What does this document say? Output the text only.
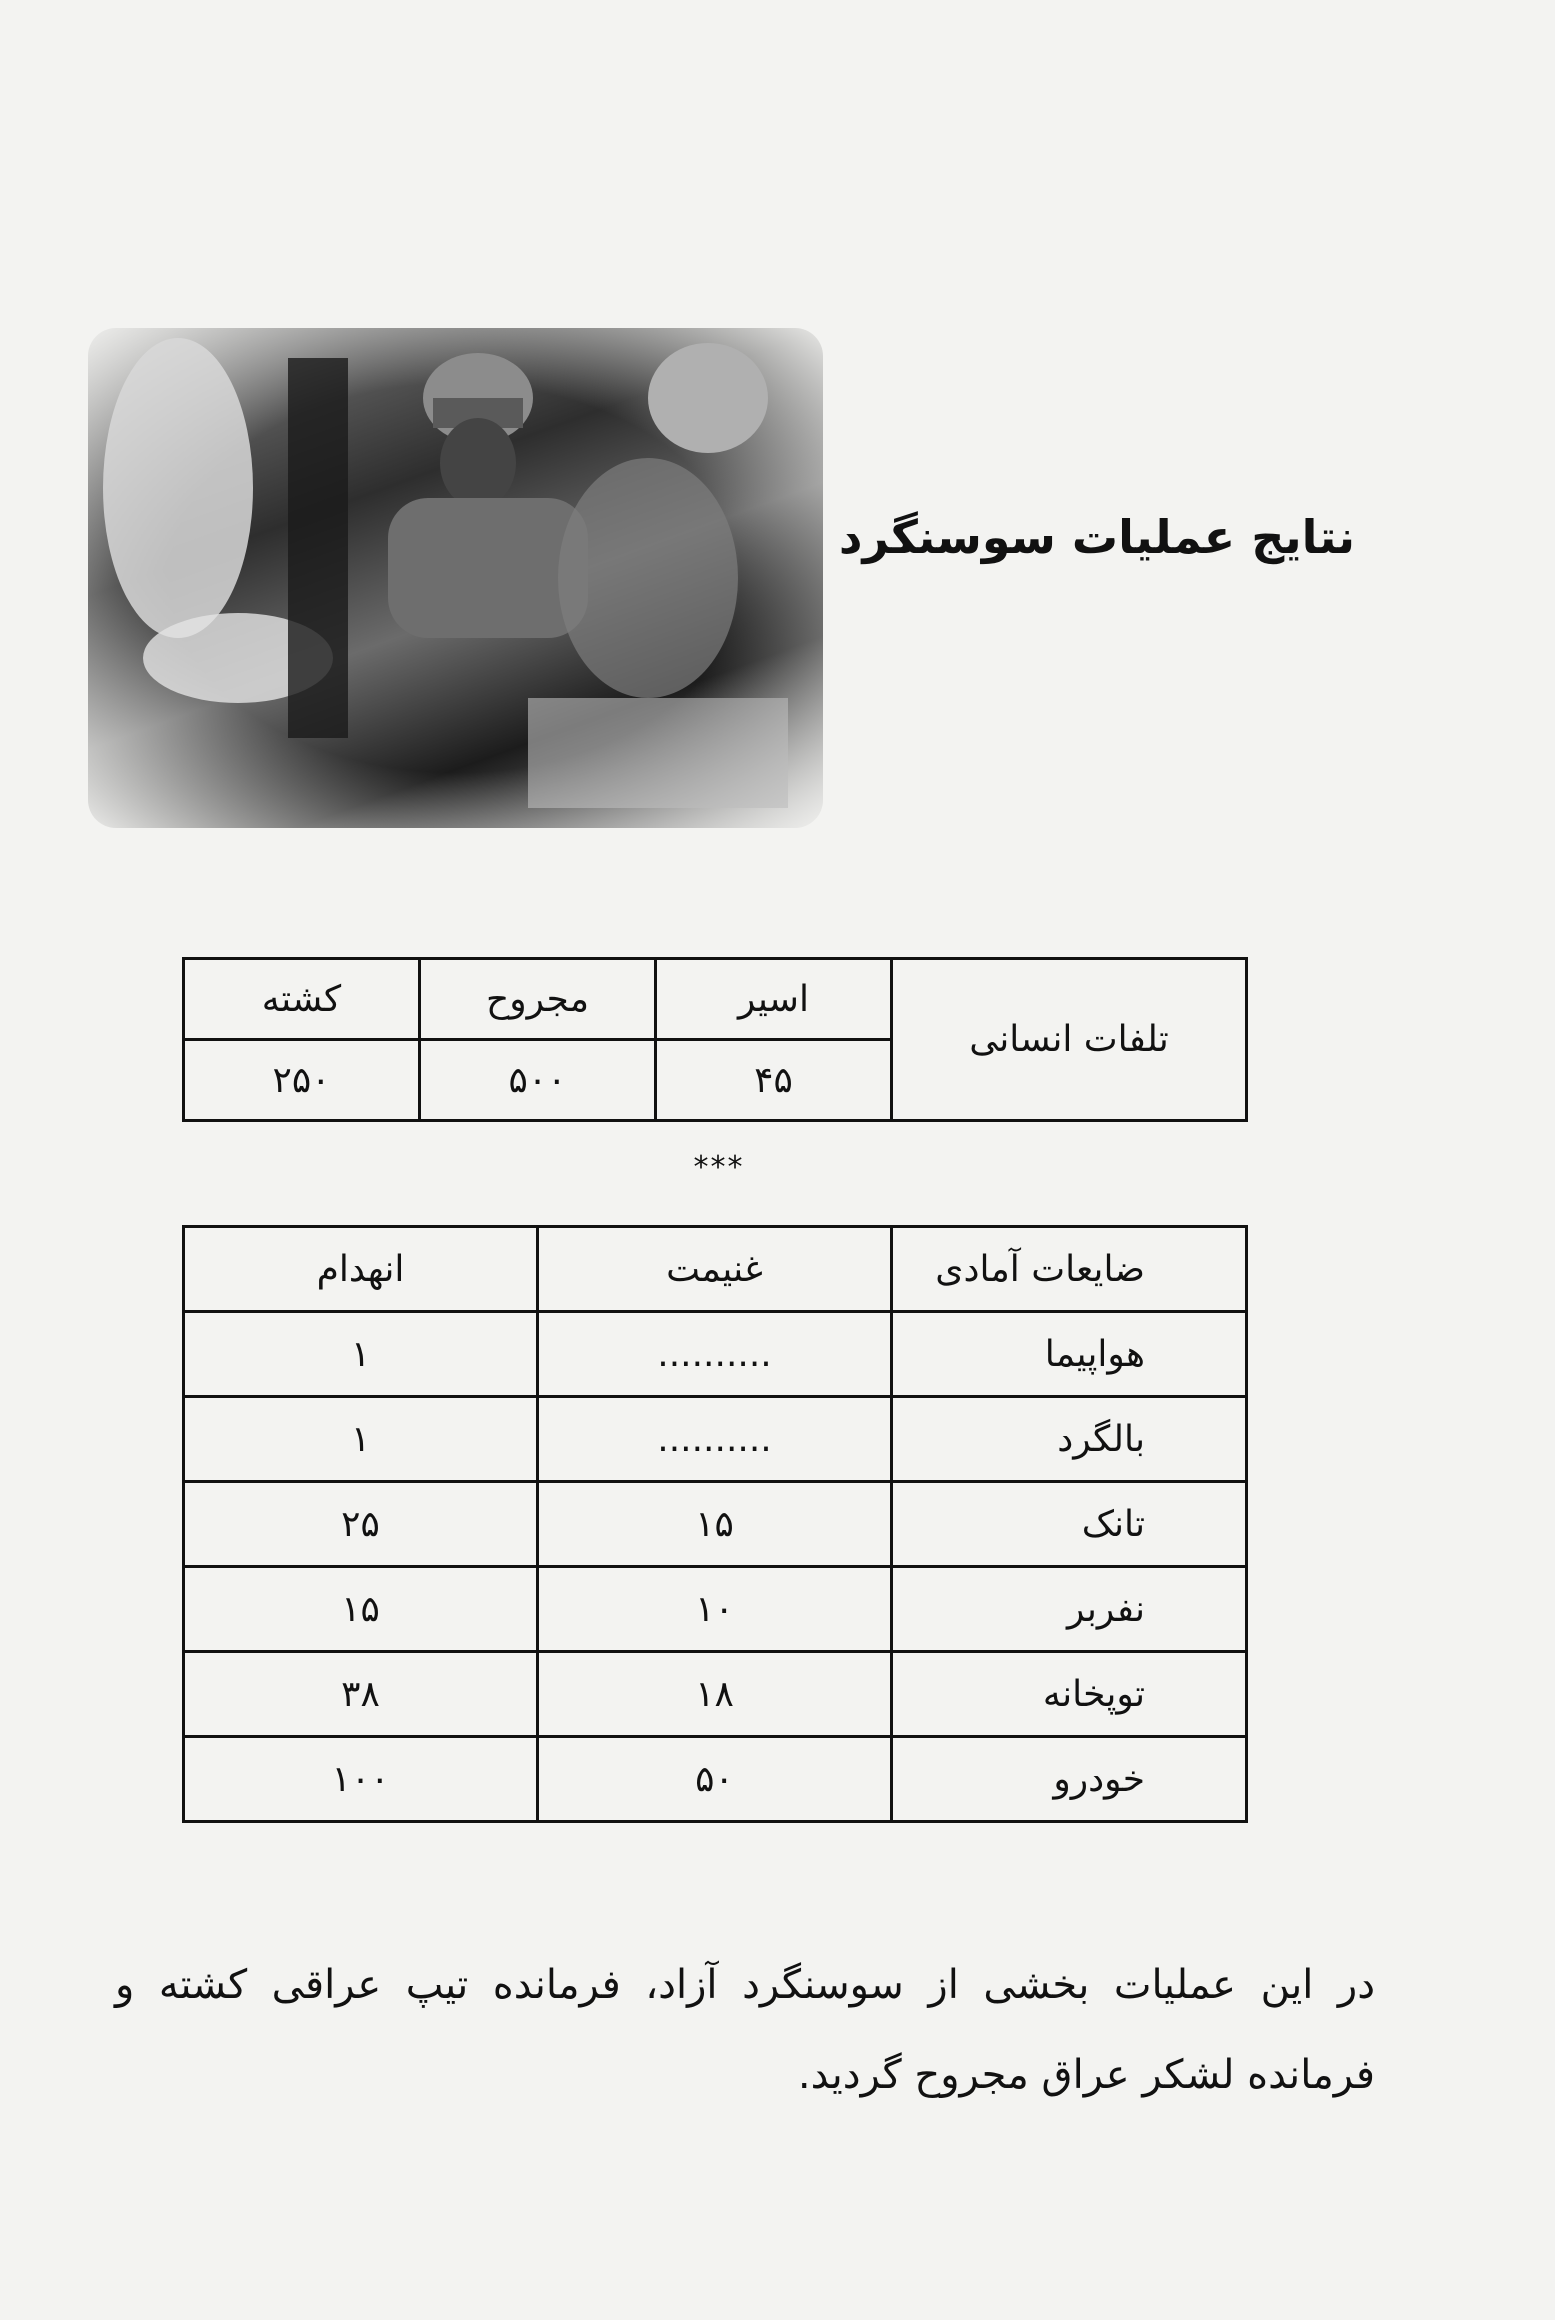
نتایج عملیات سوسنگرد
تلفات انسانی	اسیر	مجروح	کشته
	۴۵	۵۰۰	۲۵۰
***
ضایعات آمادی	غنیمت	انهدام
هواپیما	..........	۱
بالگرد	..........	۱
تانک	۱۵	۲۵
نفربر	۱۰	۱۵
توپخانه	۱۸	۳۸
خودرو	۵۰	۱۰۰
در این عملیات بخشی از سوسنگرد آزاد، فرمانده تیپ عراقی کشته و
فرمانده لشکر عراق مجروح گردید.
